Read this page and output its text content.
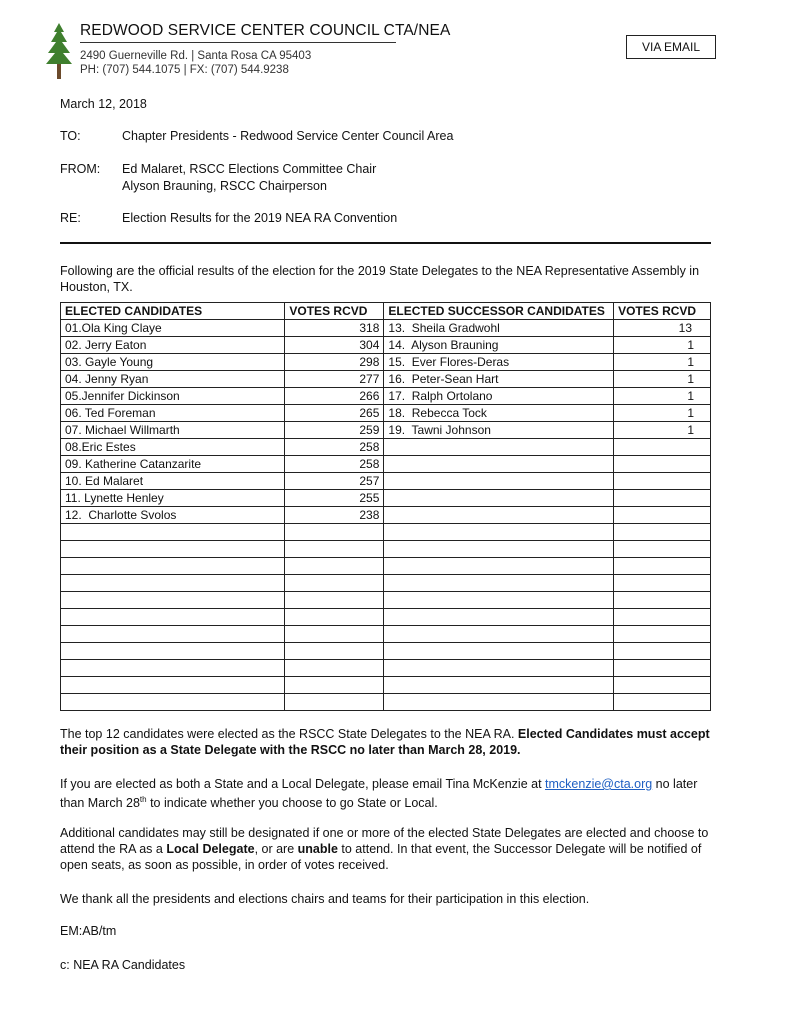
REDWOOD SERVICE CENTER COUNCIL CTA/NEA
2490 Guerneville Rd. | Santa Rosa CA 95403
PH: (707) 544.1075 | FX: (707) 544.9238
VIA EMAIL
March 12, 2018
TO:	Chapter Presidents - Redwood Service Center Council Area
FROM: Ed Malaret, RSCC Elections Committee Chair
Alyson Brauning, RSCC Chairperson
RE:	Election Results for the 2019 NEA RA Convention
Following are the official results of the election for the 2019 State Delegates to the NEA Representative Assembly in Houston, TX.
ELECTED CANDIDATES	VOTES RCVD	ELECTED SUCCESSOR CANDIDATES	VOTES RCVD
01.Ola King Claye	318	13.  Sheila Gradwohl	13
02. Jerry Eaton	304	14.  Alyson Brauning	1
03. Gayle Young	298	15.  Ever Flores-Deras	1
04. Jenny Ryan	277	16.  Peter-Sean Hart	1
05.Jennifer Dickinson	266	17.  Ralph Ortolano	1
06. Ted Foreman	265	18.  Rebecca Tock	1
07. Michael Willmarth	259	19.  Tawni Johnson	1
08.Eric Estes	258		
09. Katherine Catanzarite	258		
10. Ed Malaret	257		
11. Lynette Henley	255		
12.  Charlotte Svolos	238		

The top 12 candidates were elected as the RSCC State Delegates to the NEA RA. Elected Candidates must accept their position as a State Delegate with the RSCC no later than March 28, 2019.
If you are elected as both a State and a Local Delegate, please email Tina McKenzie at tmckenzie@cta.org no later than March 28th to indicate whether you choose to go State or Local.
Additional candidates may still be designated if one or more of the elected State Delegates are elected and choose to attend the RA as a Local Delegate, or are unable to attend. In that event, the Successor Delegate will be notified of open seats, as soon as possible, in order of votes received.
We thank all the presidents and elections chairs and teams for their participation in this election.
EM:AB/tm
c: NEA RA Candidates
